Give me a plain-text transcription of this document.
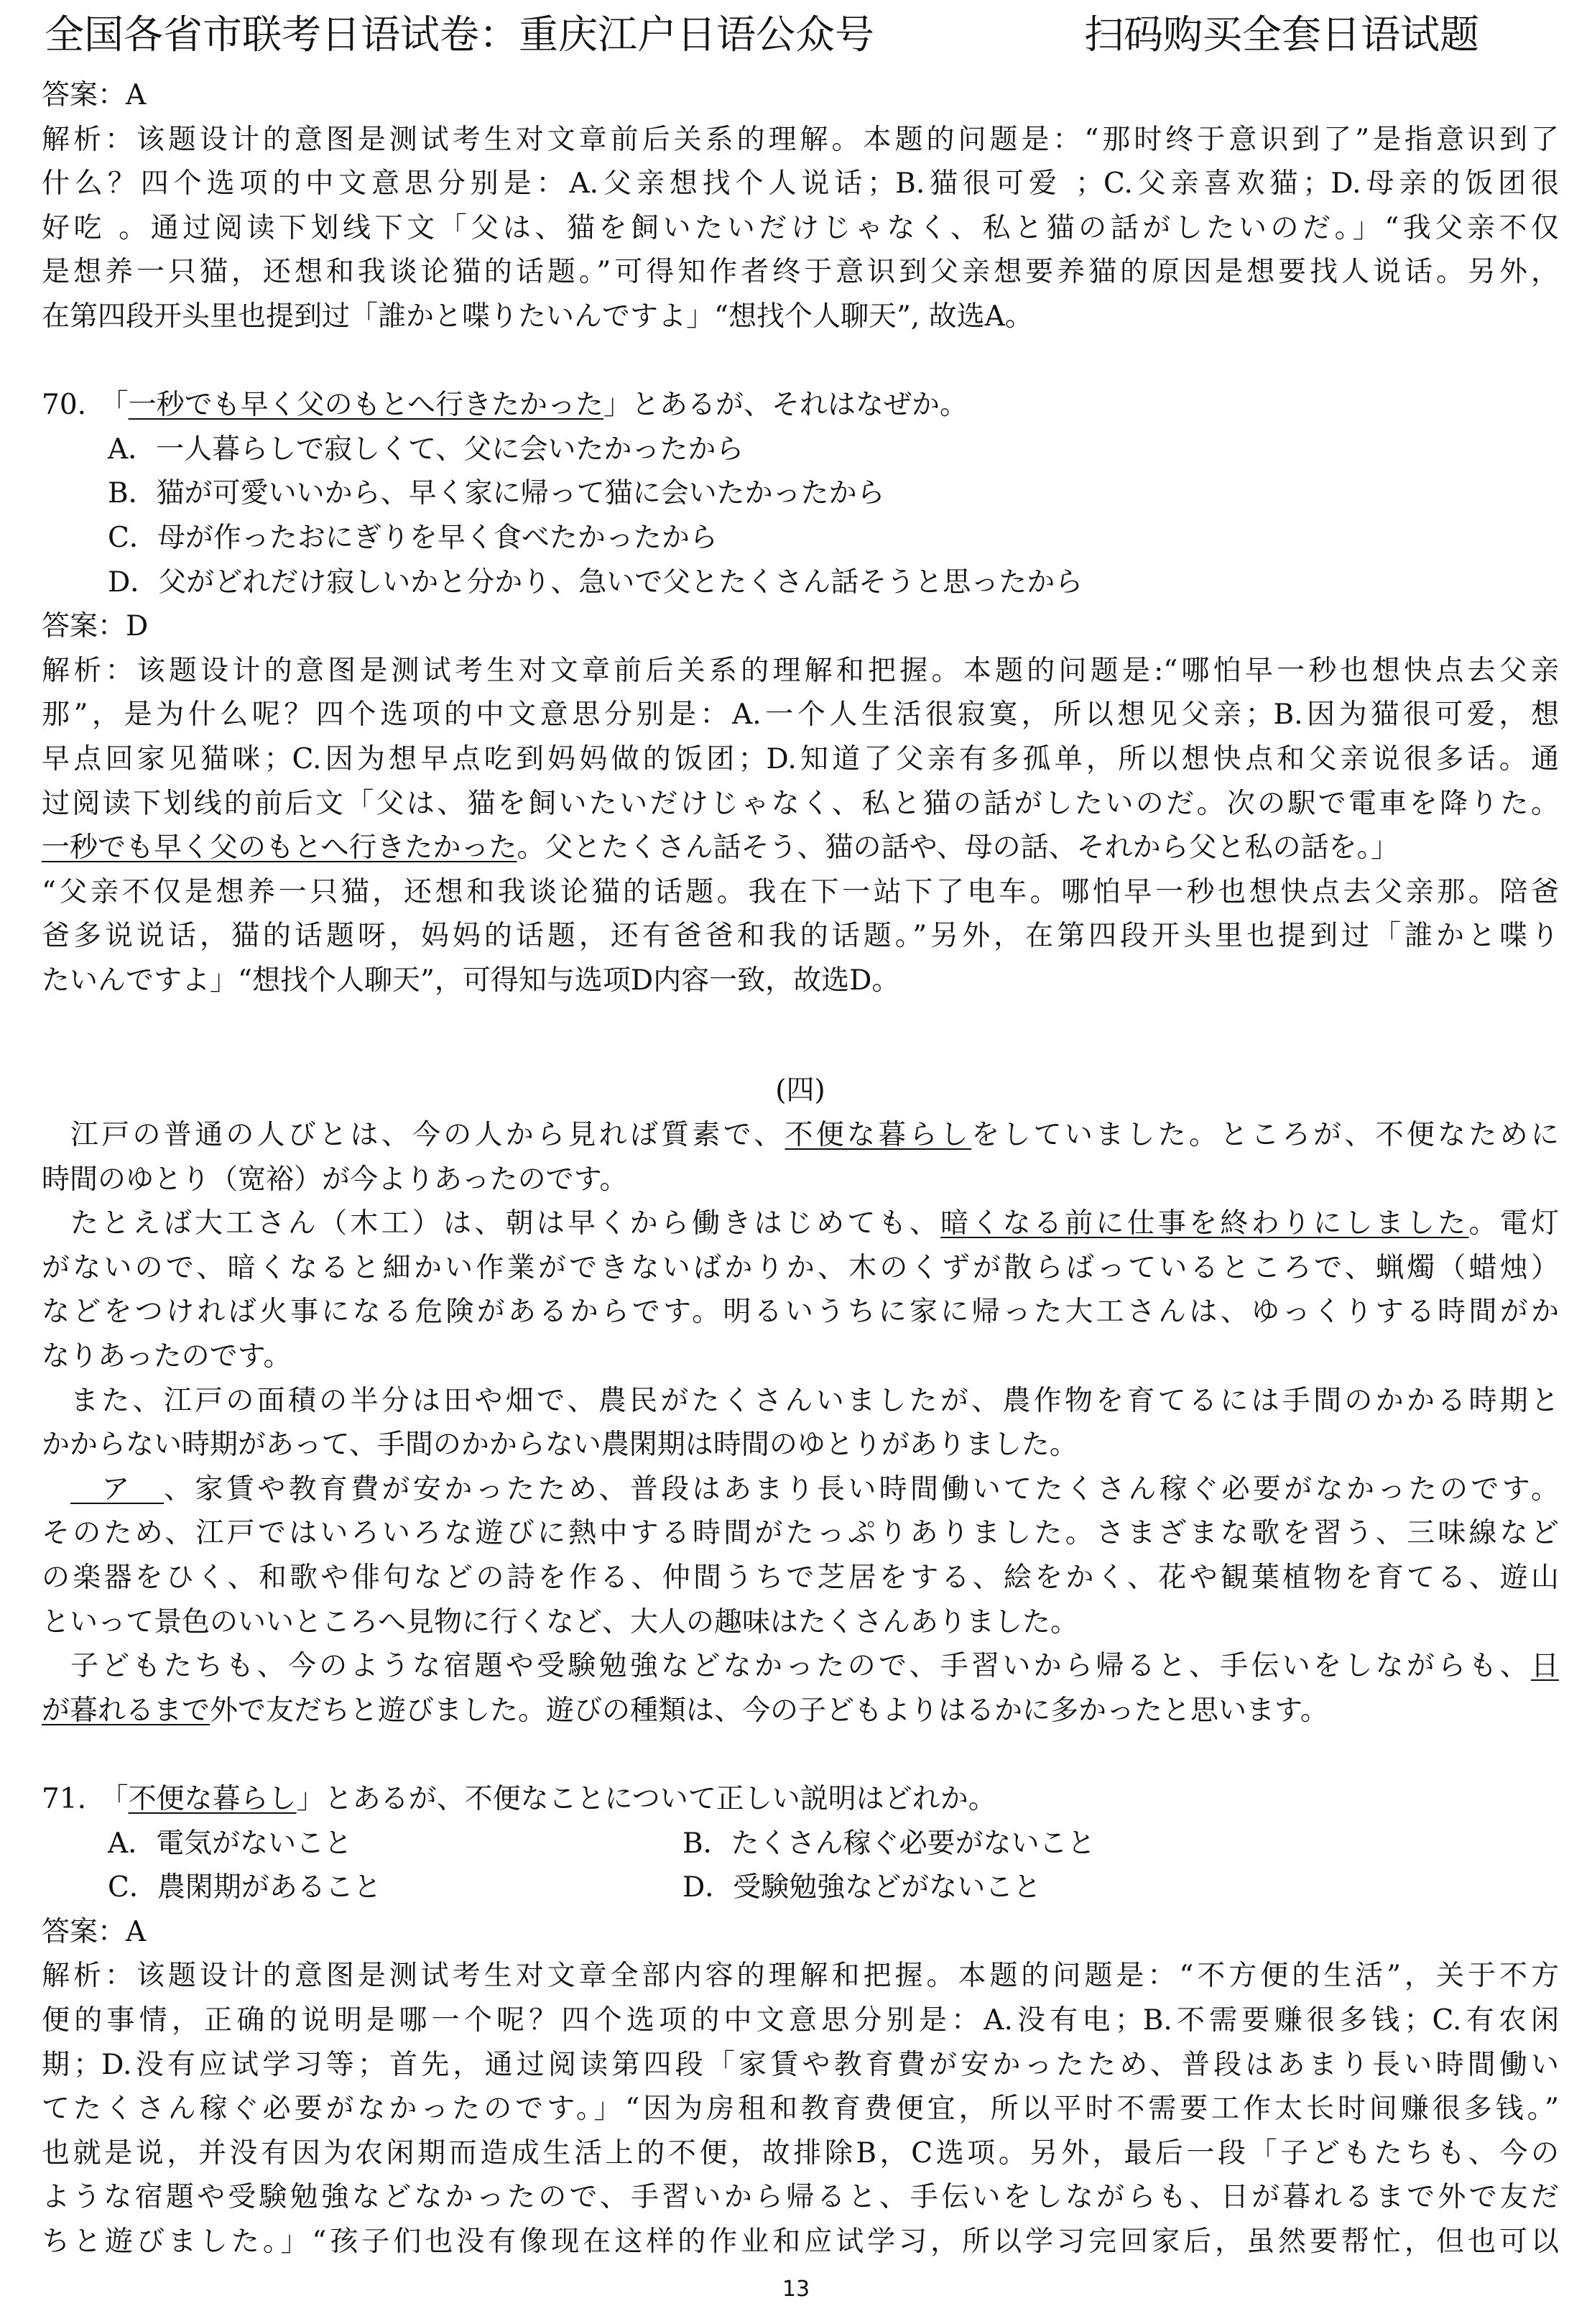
全国各省市联考日语试卷：重庆江户日语公众号	扫码购买全套日语试题
答案：A
解析：该题设计的意图是测试考生对文章前后关系的理解。本题的问题是：“那时终于意识到了”是指意识到了
什么？四个选项的中文意思分别是：A.父亲想找个人说话；B.猫很可爱 ；C.父亲喜欢猫；D.母亲的饭团很
好吃 。通过阅读下划线下文「父は、猫を飼いたいだけじゃなく、私と猫の話がしたいのだ。」“我父亲不仅
是想养一只猫，还想和我谈论猫的话题。”可得知作者终于意识到父亲想要养猫的原因是想要找人说话。另外，
在第四段开头里也提到过「誰かと喋りたいんですよ」“想找个人聊天”, 故选A。
70.　 「一秒でも早く父のもとへ行きたかった」とあるが、それはなぜか。
A．一人暮らしで寂しくて、父に会いたかったから
B．猫が可愛いいから、早く家に帰って猫に会いたかったから
C．母が作ったおにぎりを早く食べたかったから
D．父がどれだけ寂しいかと分かり、急いで父とたくさん話そうと思ったから
答案：D
解析：该题设计的意图是测试考生对文章前后关系的理解和把握。本题的问题是:“哪怕早一秒也想快点去父亲
那”，是为什么呢？四个选项的中文意思分别是：A.一个人生活很寂寞，所以想见父亲；B.因为猫很可爱，想
早点回家见猫咪；C.因为想早点吃到妈妈做的饭团；D.知道了父亲有多孤单，所以想快点和父亲说很多话。通
过阅读下划线的前后文「父は、猫を飼いたいだけじゃなく、私と猫の話がしたいのだ。次の駅で電車を降りた。
一秒でも早く父のもとへ行きたかった。父とたくさん話そう、猫の話や、母の話、それから父と私の話を。」
“父亲不仅是想养一只猫，还想和我谈论猫的话题。我在下一站下了电车。哪怕早一秒也想快点去父亲那。陪爸
爸多说说话，猫的话题呀，妈妈的话题，还有爸爸和我的话题。”另外，在第四段开头里也提到过「誰かと喋り
たいんですよ」“想找个人聊天”，可得知与选项D内容一致，故选D。
(四)
江戸の普通の人びとは、今の人から見れば質素で、不便な暮らしをしていました。ところが、不便なために
時間のゆとり（宽裕）が今よりあったのです。
たとえば大工さん（木工）は、朝は早くから働きはじめても、暗くなる前に仕事を終わりにしました。電灯
がないので、暗くなると細かい作業ができないばかりか、木のくずが散らばっているところで、蝋燭（蜡烛）
などをつければ火事になる危険があるからです。明るいうちに家に帰った大工さんは、ゆっくりする時間がか
なりあったのです。
また、江戸の面積の半分は田や畑で、農民がたくさんいましたが、農作物を育てるには手間のかかる時期と
かからない時期があって、手間のかからない農閑期は時間のゆとりがありました。
　ア　、家賃や教育費が安かったため、普段はあまり長い時間働いてたくさん稼ぐ必要がなかったのです。
そのため、江戸ではいろいろな遊びに熱中する時間がたっぷりありました。さまざまな歌を習う、三味線など
の楽器をひく、和歌や俳句などの詩を作る、仲間うちで芝居をする、絵をかく、花や観葉植物を育てる、遊山
といって景色のいいところへ見物に行くなど、大人の趣味はたくさんありました。
子どもたちも、今のような宿題や受験勉強などなかったので、手習いから帰ると、手伝いをしながらも、日
が暮れるまで外で友だちと遊びました。遊びの種類は、今の子どもよりはるかに多かったと思います。
71.　 「不便な暮らし」とあるが、不便なことについて正しい説明はどれか。
A．電気がないこと	B．たくさん稼ぐ必要がないこと
C．農閑期があること	D．受験勉強などがないこと
答案：A
解析：该题设计的意图是测试考生对文章全部内容的理解和把握。本题的问题是：“不方便的生活”，关于不方
便的事情，正确的说明是哪一个呢？四个选项的中文意思分别是：A.没有电；B.不需要赚很多钱；C.有农闲
期；D.没有应试学习等；首先，通过阅读第四段「家賃や教育費が安かったため、普段はあまり長い時間働い
てたくさん稼ぐ必要がなかったのです。」“因为房租和教育费便宜，所以平时不需要工作太长时间赚很多钱。”
也就是说，并没有因为农闲期而造成生活上的不便，故排除B，C选项。另外，最后一段「子どもたちも、今の
ような宿題や受験勉強などなかったので、手習いから帰ると、手伝いをしながらも、日が暮れるまで外で友だ
ちと遊びました。」“孩子们也没有像现在这样的作业和应试学习，所以学习完回家后，虽然要帮忙，但也可以
13
